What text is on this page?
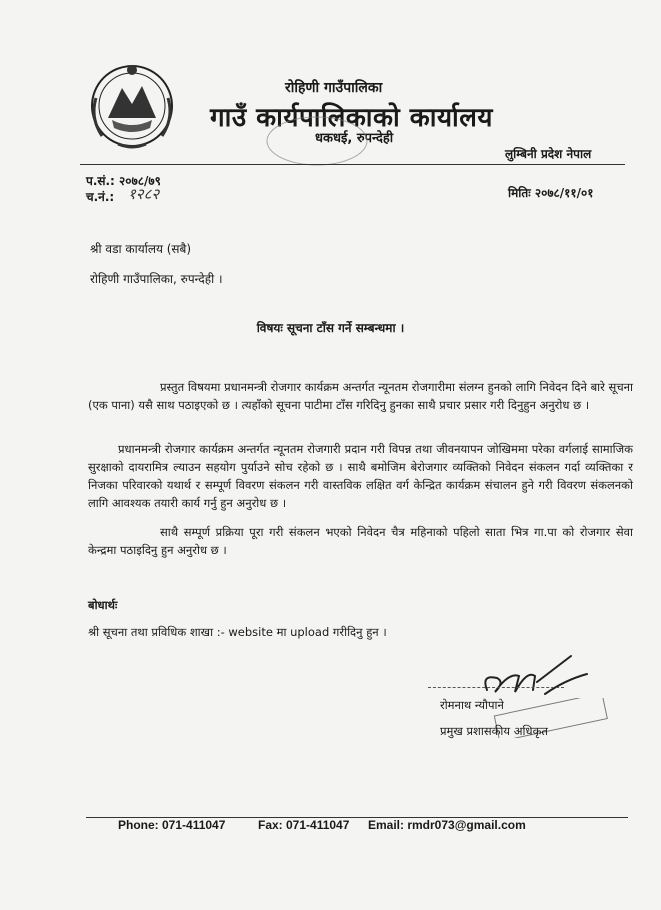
रोहिणी गाउँपालिका
गाउँ कार्यपालिकाको कार्यालय
धकधई, रुपन्देही
लुम्बिनी प्रदेश नेपाल
प.सं.: २०७८/७९
च.नं.: १२८२	मितिः २०७८/११/०१
श्री वडा कार्यालय (सबै)
रोहिणी गाउँपालिका, रुपन्देही ।
विषयः सूचना टाँस गर्ने सम्बन्धमा ।
प्रस्तुत विषयमा प्रधानमन्त्री रोजगार कार्यक्रम अन्तर्गत न्यूनतम रोजगारीमा संलग्न हुनको लागि निवेदन दिने बारे सूचना (एक पाना) यसै साथ पठाइएको छ । त्यहाँको सूचना पाटीमा टाँस गरिदिनु हुनका साथै प्रचार प्रसार गरी दिनुहुन अनुरोध छ ।
प्रधानमन्त्री रोजगार कार्यक्रम अन्तर्गत न्यूनतम रोजगारी प्रदान गरी विपन्न तथा जीवनयापन जोखिममा परेका वर्गलाई सामाजिक सुरक्षाको दायरामित्र ल्याउन सहयोग पुर्याउने सोच रहेको छ । साथै बमोजिम बेरोजगार व्यक्तिको निवेदन संकलन गर्दा व्यक्तिका र निजका परिवारको यथार्थ र सम्पूर्ण विवरण संकलन गरी वास्तविक लक्षित वर्ग केन्द्रित कार्यक्रम संचालन हुने गरी विवरण संकलनको लागि आवश्यक तयारी कार्य गर्नु हुन अनुरोध छ ।
साथै सम्पूर्ण प्रक्रिया पूरा गरी संकलन भएको निवेदन चैत्र महिनाको पहिलो साता भित्र गा.पा को रोजगार सेवा केन्द्रमा पठाइदिनु हुन अनुरोध छ ।
बोधार्थः
श्री सूचना तथा प्रविधिक शाखा :- website मा upload गरीदिनु हुन ।
रोमनाथ न्यौपाने
प्रमुख प्रशासकीय अधिकृत
Phone: 071-411047	Fax: 071-411047 Email: rmdr073@gmail.com
